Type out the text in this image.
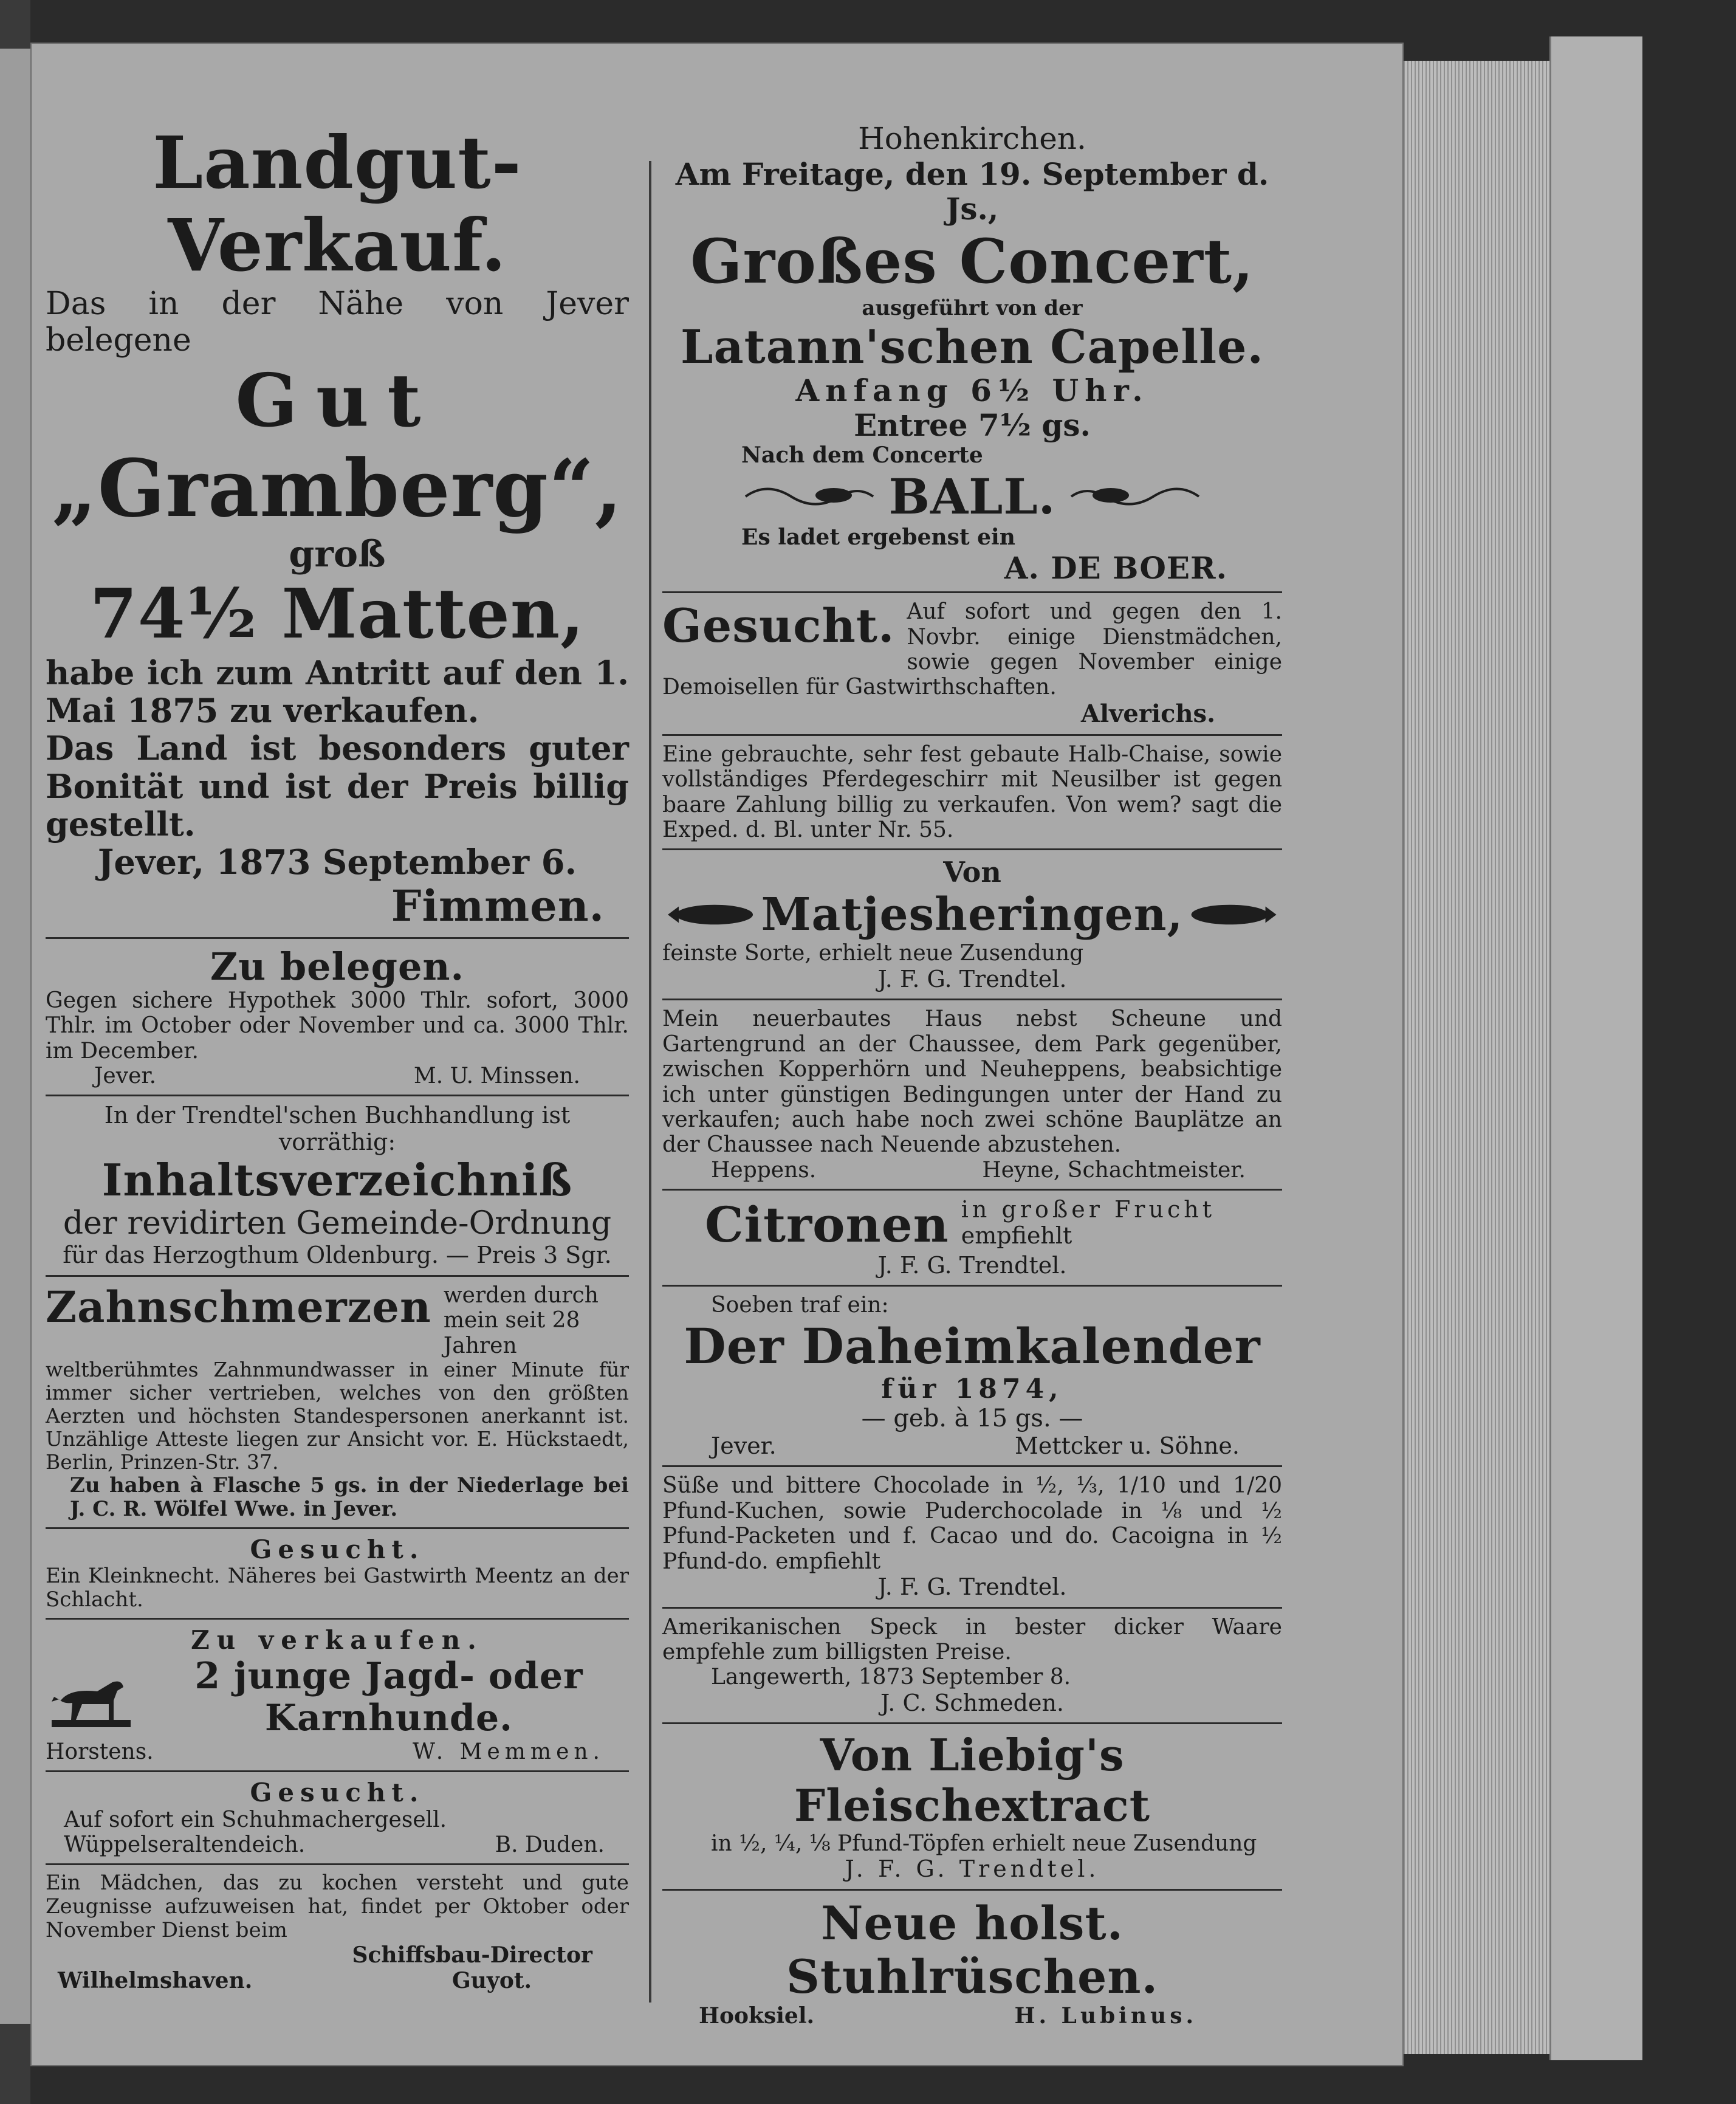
Landgut-Verkauf.

Das in der Nähe von Jever

belegene

Gut

„Gramberg“,

groß

74½ Matten,

habe ich zum Antritt auf den 1. Mai 1875 zu verkaufen.

Das Land ist besonders guter Bonität und ist der Preis billig gestellt.

Jever, 1873 September 6.

Fimmen.

Zu belegen.

Gegen sichere Hypothek 3000 Thlr. sofort, 3000 Thlr. im October oder November und ca. 3000 Thlr. im December.

Jever.	M. U. Minssen.

In der Trendtel'schen Buchhandlung ist vorräthig:

Inhaltsverzeichniß

der revidirten Gemeinde-Ordnung

für das Herzogthum Oldenburg. — Preis 3 Sgr.

Zahnschmerzen werden durch mein seit 28 Jahren

weltberühmtes Zahnmundwasser in einer Minute für immer sicher vertrieben, welches von den größten Aerzten und höchsten Standespersonen anerkannt ist. Unzählige Atteste liegen zur Ansicht vor. E. Hückstaedt, Berlin, Prinzen-Str. 37.

Zu haben à Flasche 5 gs. in der Niederlage bei J. C. R. Wölfel Wwe. in Jever.

Gesucht.

Ein Kleinknecht. Näheres bei Gastwirth Meentz an der Schlacht.

Zu verkaufen.

2 junge Jagd- oder

Karnhunde.

Horstens.	W. Memmen.

Gesucht.

Auf sofort ein Schuhmachergesell.

Wüppelseraltendeich.	B. Duden.

Ein Mädchen, das zu kochen versteht und gute Zeugnisse aufzuweisen hat, findet per Oktober oder November Dienst beim

Schiffsbau-Director

Wilhelmshaven.	Guyot.

Hohenkirchen.

Am Freitage, den 19. September d. Js.,

Großes Concert,

ausgeführt von der

Latann'schen Capelle.

Anfang 6½ Uhr.

Entree 7½ gs.

Nach dem Concerte

BALL.

Es ladet ergebenst ein

A. DE BOER.

Gesucht. Auf sofort und gegen den 1. Novbr. einige Dienstmädchen, sowie gegen November einige Demoisellen für Gastwirthschaften.

Alverichs.

Eine gebrauchte, sehr fest gebaute Halb-Chaise, sowie vollständiges Pferdegeschirr mit Neusilber ist gegen baare Zahlung billig zu verkaufen. Von wem? sagt die Exped. d. Bl. unter Nr. 55.

Von

Matjesheringen,

feinste Sorte, erhielt neue Zusendung

J. F. G. Trendtel.

Mein neuerbautes Haus nebst Scheune und Gartengrund an der Chaussee, dem Park gegenüber, zwischen Kopperhörn und Neuheppens, beabsichtige ich unter günstigen Bedingungen unter der Hand zu verkaufen; auch habe noch zwei schöne Bauplätze an der Chaussee nach Neuende abzustehen.

Heppens.	Heyne, Schachtmeister.

Citronen in großer Frucht

empfiehlt

J. F. G. Trendtel.

Soeben traf ein:

Der Daheimkalender

für 1874,

— geb. à 15 gs. —

Jever.	Mettcker u. Söhne.

Süße und bittere Chocolade in ½, ⅓, 1/10 und 1/20 Pfund-Kuchen, sowie Puderchocolade in ⅛ und ½ Pfund-Packeten und f. Cacao und do. Cacoigna in ½ Pfund-do. empfiehlt

J. F. G. Trendtel.

Amerikanischen Speck in bester dicker Waare empfehle zum billigsten Preise.

Langewerth, 1873 September 8.

J. C. Schmeden.

Von Liebig's Fleischextract

in ½, ¼, ⅛ Pfund-Töpfen erhielt neue Zusendung

J. F. G. Trendtel.

Neue holst. Stuhlrüschen.

Hooksiel.	H. Lubinus.
